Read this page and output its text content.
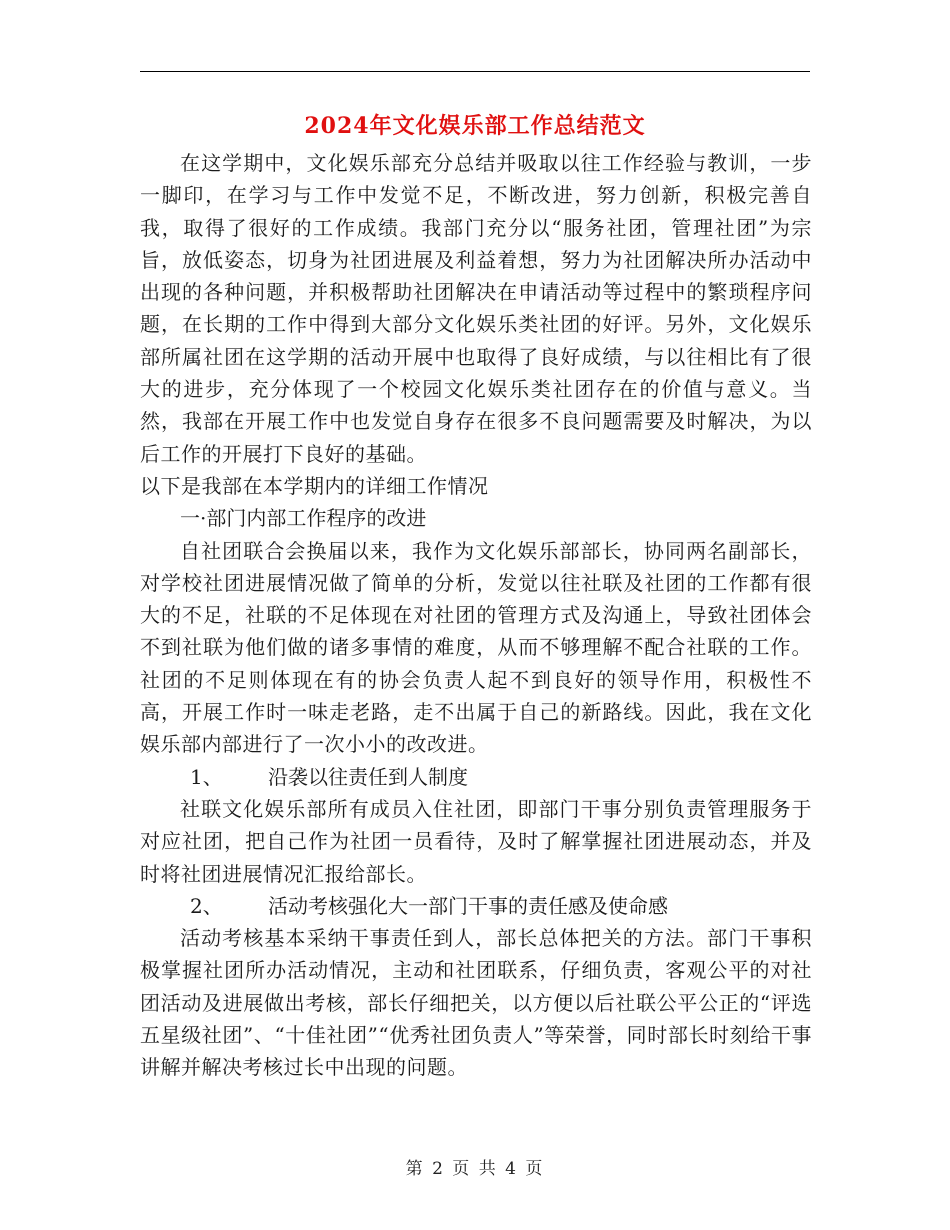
2024年文化娱乐部工作总结范文

在这学期中，文化娱乐部充分总结并吸取以往工作经验与教训，一步一脚印，在学习与工作中发觉不足，不断改进，努力创新，积极完善自我，取得了很好的工作成绩。我部门充分以“服务社团，管理社团”为宗旨，放低姿态，切身为社团进展及利益着想，努力为社团解决所办活动中出现的各种问题，并积极帮助社团解决在申请活动等过程中的繁琐程序问题，在长期的工作中得到大部分文化娱乐类社团的好评。另外，文化娱乐部所属社团在这学期的活动开展中也取得了良好成绩，与以往相比有了很大的进步，充分体现了一个校园文化娱乐类社团存在的价值与意义。当然，我部在开展工作中也发觉自身存在很多不良问题需要及时解决，为以后工作的开展打下良好的基础。

以下是我部在本学期内的详细工作情况

一·部门内部工作程序的改进

自社团联合会换届以来，我作为文化娱乐部部长，协同两名副部长，对学校社团进展情况做了简单的分析，发觉以往社联及社团的工作都有很大的不足，社联的不足体现在对社团的管理方式及沟通上，导致社团体会不到社联为他们做的诸多事情的难度，从而不够理解不配合社联的工作。社团的不足则体现在有的协会负责人起不到良好的领导作用，积极性不高，开展工作时一味走老路，走不出属于自己的新路线。因此，我在文化娱乐部内部进行了一次小小的改改进。

1、 沿袭以往责任到人制度

社联文化娱乐部所有成员入住社团，即部门干事分别负责管理服务于对应社团，把自己作为社团一员看待，及时了解掌握社团进展动态，并及时将社团进展情况汇报给部长。

2、 活动考核强化大一部门干事的责任感及使命感

活动考核基本采纳干事责任到人，部长总体把关的方法。部门干事积极掌握社团所办活动情况，主动和社团联系，仔细负责，客观公平的对社团活动及进展做出考核，部长仔细把关，以方便以后社联公平公正的“评选五星级社团”、“十佳社团”“优秀社团负责人”等荣誉，同时部长时刻给干事讲解并解决考核过长中出现的问题。

第 2 页 共 4 页
